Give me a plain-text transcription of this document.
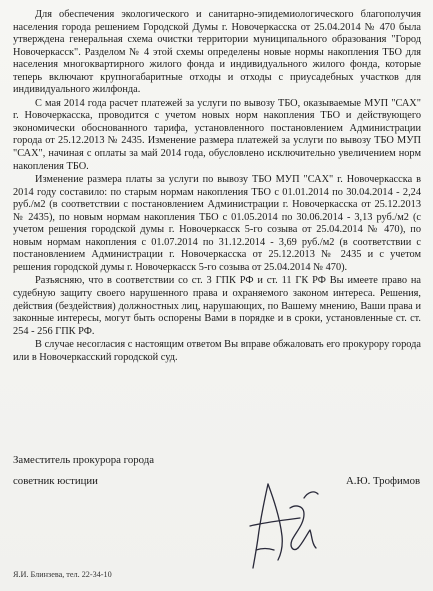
Для обеспечения экологического и санитарно-эпидемиологического благополучия населения города решением Городской Думы г. Новочеркасска от 25.04.2014 № 470 была утверждена генеральная схема очистки территории муниципального образования "Город Новочеркасск". Разделом № 4 этой схемы определены новые нормы накопления ТБО для населения многоквартирного жилого фонда и индивидуального жилого фонда, которые теперь включают крупногабаритные отходы и отходы с приусадебных участков для индивидуального жилфонда.

С мая 2014 года расчет платежей за услуги по вывозу ТБО, оказываемые МУП "САХ" г. Новочеркасска, проводится с учетом новых норм накопления ТБО и действующего экономически обоснованного тарифа, установленного постановлением Администрации города от 25.12.2013 № 2435. Изменение размера платежей за услуги по вывозу ТБО МУП "САХ", начиная с оплаты за май 2014 года, обусловлено исключительно увеличением норм накопления ТБО.

Изменение размера платы за услуги по вывозу ТБО МУП "САХ" г. Новочеркасска в 2014 году составило: по старым нормам накопления ТБО с 01.01.2014 по 30.04.2014 - 2,24 руб./м2 (в соответствии с постановлением Администрации г. Новочеркасска от 25.12.2013 № 2435), по новым нормам накопления ТБО с 01.05.2014 по 30.06.2014 - 3,13 руб./м2 (с учетом решения городской думы г. Новочеркасск 5-го созыва от 25.04.2014 № 470), по новым нормам накопления с 01.07.2014 по 31.12.2014 - 3,69 руб./м2 (в соответствии с постановлением Администрации г. Новочеркасска от 25.12.2013 № 2435 и с учетом решения городской думы г. Новочеркасск 5-го созыва от 25.04.2014 № 470).

Разъясняю, что в соответствии со ст. 3 ГПК РФ и ст. 11 ГК РФ Вы имеете право на судебную защиту своего нарушенного права и охраняемого законом интереса. Решения, действия (бездействия) должностных лиц, нарушающих, по Вашему мнению, Ваши права и законные интересы, могут быть оспорены Вами в порядке и в сроки, установленные ст. ст. 254 - 256 ГПК РФ.

В случае несогласия с настоящим ответом Вы вправе обжаловать его прокурору города или в Новочеркасский городской суд.

Заместитель прокурора города
советник юстиции	А.Ю. Трофимов
Я.И. Блинзева, тел. 22-34-10
